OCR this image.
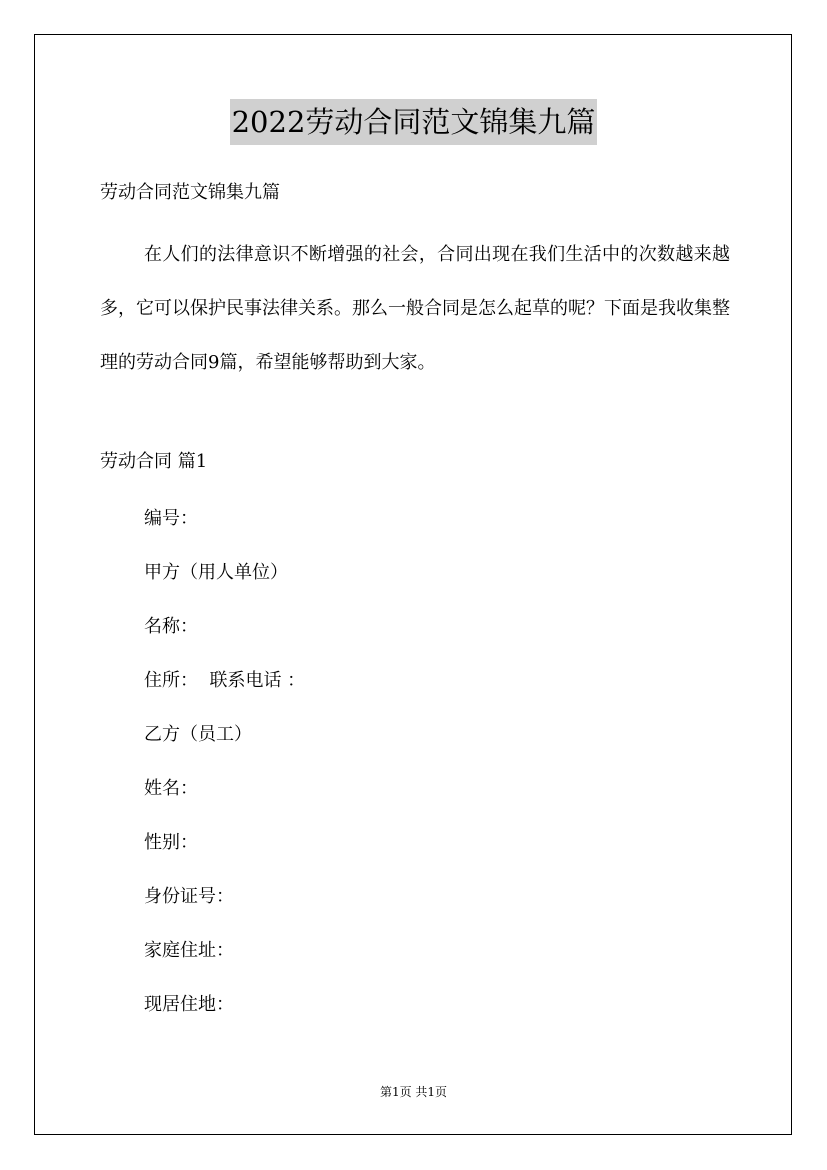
2022劳动合同范文锦集九篇

劳动合同范文锦集九篇

在人们的法律意识不断增强的社会，合同出现在我们生活中的次数越来越多，它可以保护民事法律关系。那么一般合同是怎么起草的呢？下面是我收集整理的劳动合同9篇，希望能够帮助到大家。

劳动合同 篇1

编号：
甲方（用人单位）
名称：
住所：  联系电话 ：
乙方（员工）
姓名：
性别：
身份证号：
家庭住址：
现居住地：

第1页 共1页
